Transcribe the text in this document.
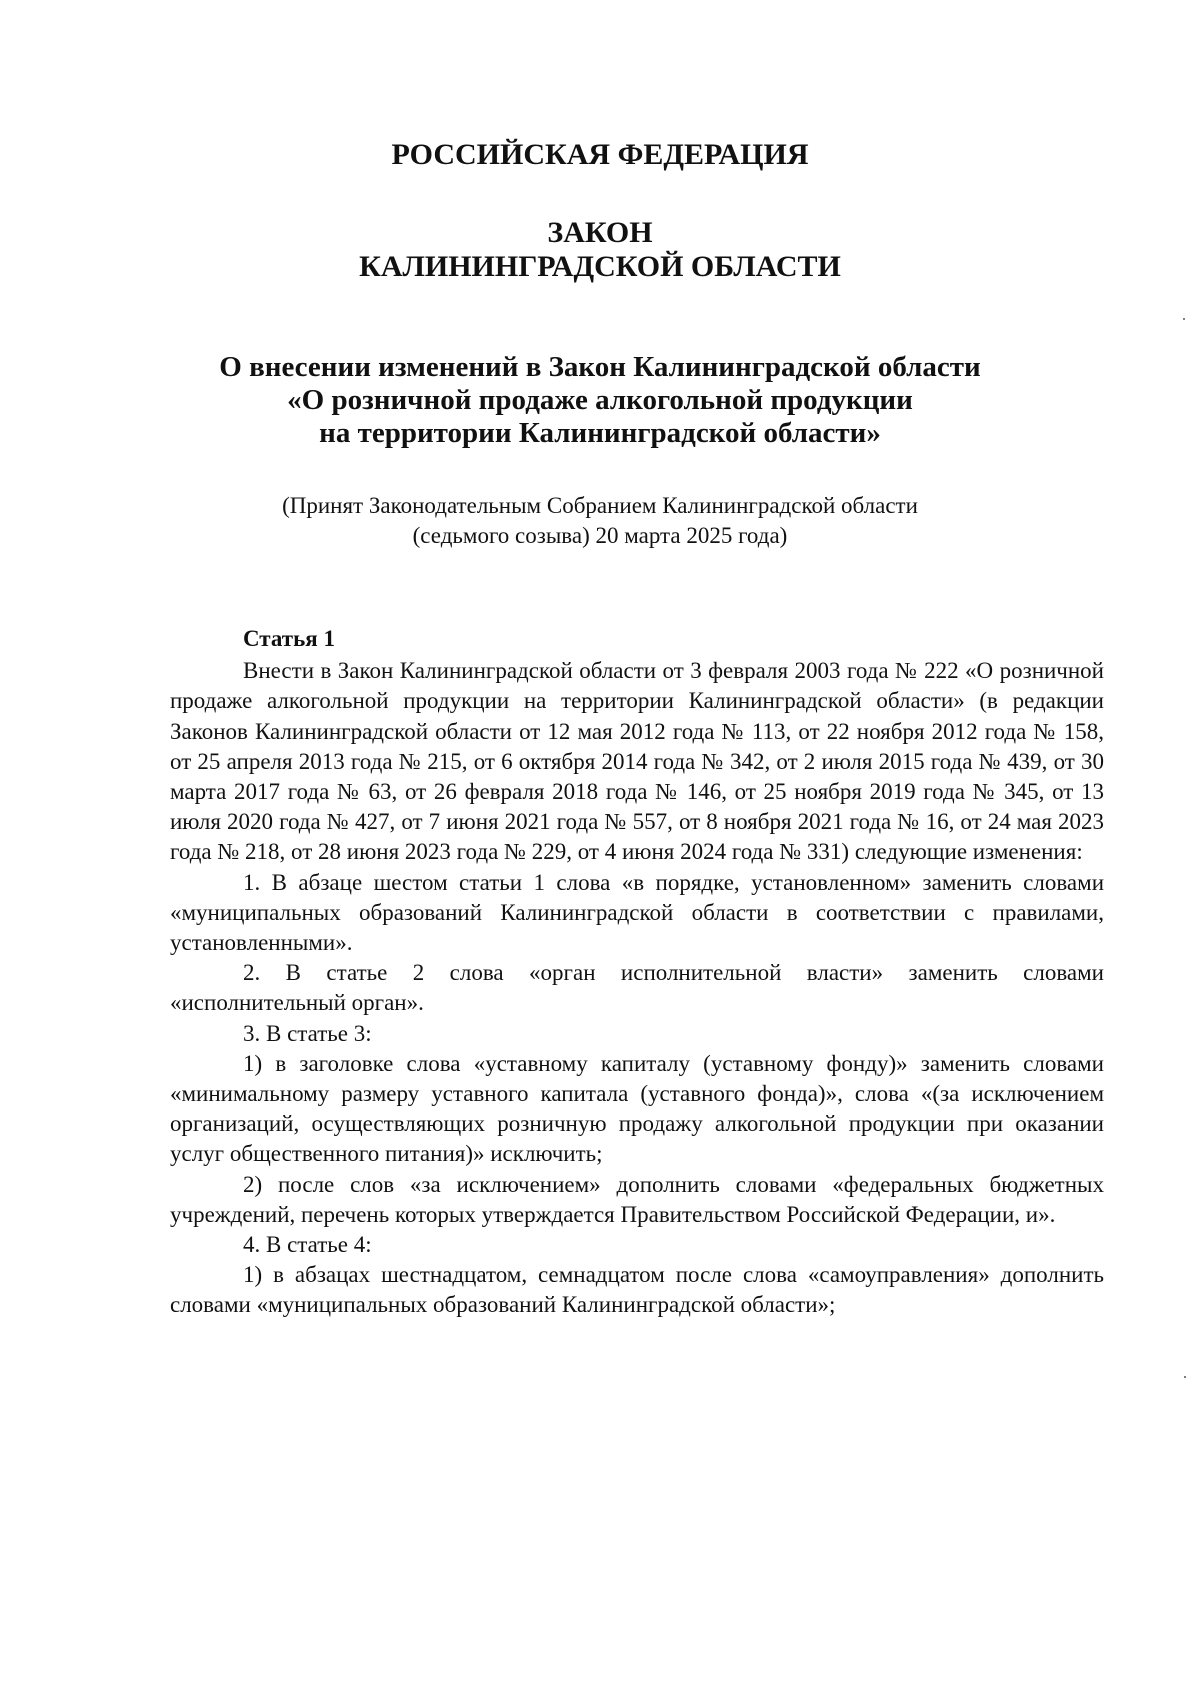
РОССИЙСКАЯ ФЕДЕРАЦИЯ
ЗАКОН
КАЛИНИНГРАДСКОЙ ОБЛАСТИ
О внесении изменений в Закон Калининградской области
«О розничной продаже алкогольной продукции
на территории Калининградской области»
(Принят Законодательным Собранием Калининградской области
(седьмого созыва) 20 марта 2025 года)
Статья 1

Внести в Закон Калининградской области от 3 февраля 2003 года № 222 «О розничной продаже алкогольной продукции на территории Калининградской области» (в редакции Законов Калининградской области от 12 мая 2012 года № 113, от 22 ноября 2012 года № 158, от 25 апреля 2013 года № 215, от 6 октября 2014 года № 342, от 2 июля 2015 года № 439, от 30 марта 2017 года № 63, от 26 февраля 2018 года № 146, от 25 ноября 2019 года № 345, от 13 июля 2020 года № 427, от 7 июня 2021 года № 557, от 8 ноября 2021 года № 16, от 24 мая 2023 года № 218, от 28 июня 2023 года № 229, от 4 июня 2024 года № 331) следующие изменения:

1. В абзаце шестом статьи 1 слова «в порядке, установленном» заменить словами «муниципальных образований Калининградской области в соответствии с правилами, установленными».

2. В статье 2 слова «орган исполнительной власти» заменить словами «исполнительный орган».

3. В статье 3:

1) в заголовке слова «уставному капиталу (уставному фонду)» заменить словами «минимальному размеру уставного капитала (уставного фонда)», слова «(за исключением организаций, осуществляющих розничную продажу алкогольной продукции при оказании услуг общественного питания)» исключить;

2) после слов «за исключением» дополнить словами «федеральных бюджетных учреждений, перечень которых утверждается Правительством Российской Федерации, и».

4. В статье 4:

1) в абзацах шестнадцатом, семнадцатом после слова «самоуправления» дополнить словами «муниципальных образований Калининградской области»;
